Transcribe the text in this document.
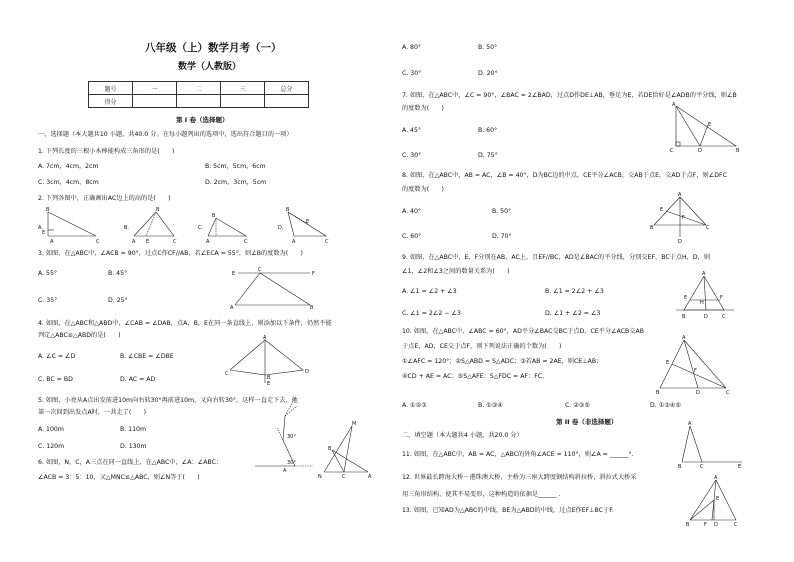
八年级（上）数学月考（一）
数学（人教版）
题号	一	二	三	总分
得分				
第 I 卷（选择题）
一、选择题（本大题共10 小题，共40.0 分。在每小题列出的选项中，选出符合题目的一项）
1. 下列长度的三根小木棒能构成三角形的是(　　)
A. 7cm，4cm，2cm	B. 5cm，5cm，6cm
C. 3cm，4cm，8cm	D. 2cm，3cm，5cm
2. 下列各图中，正确画出AC边上的高的是(　　)
A.
B
A	C
E
B.
B
A E	C
C.
B
A	C
D.
B
A	C
E
3. 如图，在△ABC中，∠ACB = 90°，过点C作CF//AB，若∠ECA = 55°，则∠B的度数为(　　)
A. 55°	B. 45°
C. 35°	D. 25°
E
C
F
A	B
4. 如图，在△ABC和△ABD中，∠CAB = ∠DAB，点A，B，E在同一条直线上，则添加以下条件，仍然不能
判定△ABC≌△ABD的是(　　)
A. ∠C = ∠D	B. ∠CBE = ∠DBE
C. BC = BD	D. AC = AD
C
A
D
B
E
5. 如图，小亮从A点出发前进10m向右转30°再前进10m，又向右转30°，这样一直走下去，他
第一次回到出发点A时，一共走了(　　)
A. 100m	B. 110m
C. 120m	D. 130m
30°
30°
A
6. 如图，N，C，A三点在同一直线上，在△ABC中，∠A：∠ABC：
∠ACB = 3：5：10，又△MNC≌△ABC，则∠N等于(　　)
M
N
B
C	A
A. 80°	B. 50°
C. 30°	D. 20°
7. 如图，在△ABC中，∠C = 90°，∠BAC = 2∠BAD，过点D作DE⊥AB，垂足为E，若DE恰好是∠ADB的平分线，则∠B
的度数为(　　)
A. 45°	B. 60°
C. 30°	D. 75°
A
C	D	B
E
8. 如图，在△ABC中，AB = AC，∠B = 40°，D为BC边的中点，CE平分∠ACB，交AB于点E，交AD于点F，则∠DFC
的度数为(　　)
A. 40°	B. 50°
C. 60°	D. 70°
A
B	C
D
E
F
9. 如图，在△ABC中，E，F分别在AB，AC上，且EF//BC，AD是∠BAC的平分线，分别交EF，BC于点H，D，则
∠1，∠2和∠3之间的数量关系为(　　)
A. ∠1 = ∠2 + ∠3	B. ∠1 = 2∠2 + ∠3
C. ∠1 = 2∠2 − ∠3	D. ∠1 + ∠2 = ∠3
A
E
H
F
B	D	C
10. 如图，在△ABC中，∠ABC = 60°，AD平分∠BAC交BC于点D，CE平分∠ACB交AB
于点E，AD，CE交于点F，则下列说法正确的个数为(　　)
①∠AFC = 120°；②S△ABD = S△ADC；③若AB = 2AE，则CE⊥AB；
④CD + AE = AC；⑤S△AFE：S△FDC = AF：FC.
A. ①②③	B. ①③④	C. ②③⑤	D. ①③④⑤
A
E
F
B	D	C
第 II 卷（非选择题）
二、填空题（本大题共4 小题，共20.0 分）
11. 如图，在△ABC中，AB = AC，△ABC的外角∠ACE = 110°，则∠A = ______°.
A
B	C	E
12. 世界最长跨海大桥－港珠澳大桥，主桥为三座大跨度钢结构斜拉桥，斜拉式大桥采
用三角形结构，使其不易变形，这种构造的依据是______ .
13. 如图，已知AD为△ABC的中线，BE为△ABD的中线，过点E作EF⊥BC于F.
A
E
B	F D	C
